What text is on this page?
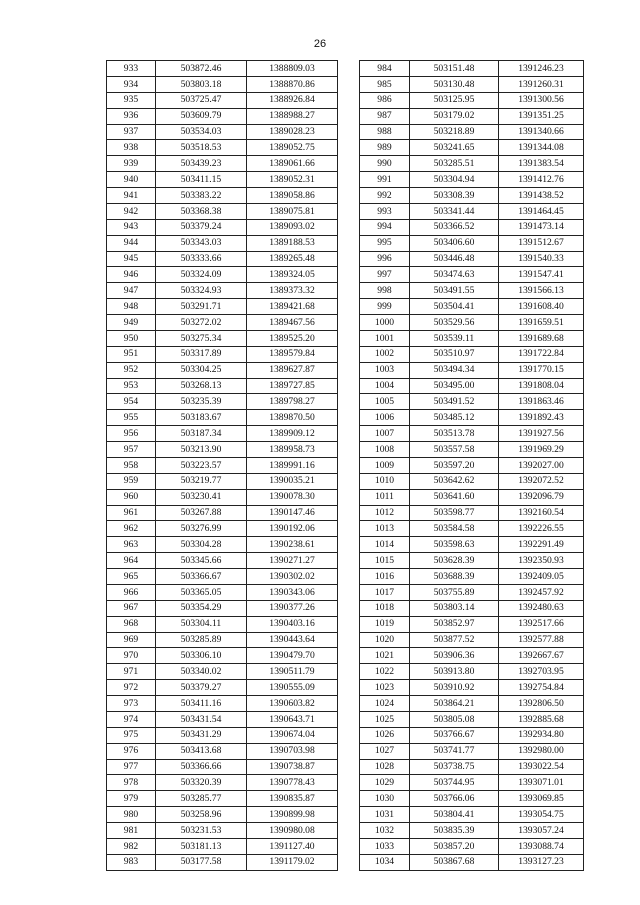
26
933	503872.46	1388809.03
934	503803.18	1388870.86
935	503725.47	1388926.84
936	503609.79	1388988.27
937	503534.03	1389028.23
938	503518.53	1389052.75
939	503439.23	1389061.66
940	503411.15	1389052.31
941	503383.22	1389058.86
942	503368.38	1389075.81
943	503379.24	1389093.02
944	503343.03	1389188.53
945	503333.66	1389265.48
946	503324.09	1389324.05
947	503324.93	1389373.32
948	503291.71	1389421.68
949	503272.02	1389467.56
950	503275.34	1389525.20
951	503317.89	1389579.84
952	503304.25	1389627.87
953	503268.13	1389727.85
954	503235.39	1389798.27
955	503183.67	1389870.50
956	503187.34	1389909.12
957	503213.90	1389958.73
958	503223.57	1389991.16
959	503219.77	1390035.21
960	503230.41	1390078.30
961	503267.88	1390147.46
962	503276.99	1390192.06
963	503304.28	1390238.61
964	503345.66	1390271.27
965	503366.67	1390302.02
966	503365.05	1390343.06
967	503354.29	1390377.26
968	503304.11	1390403.16
969	503285.89	1390443.64
970	503306.10	1390479.70
971	503340.02	1390511.79
972	503379.27	1390555.09
973	503411.16	1390603.82
974	503431.54	1390643.71
975	503431.29	1390674.04
976	503413.68	1390703.98
977	503366.66	1390738.87
978	503320.39	1390778.43
979	503285.77	1390835.87
980	503258.96	1390899.98
981	503231.53	1390980.08
982	503181.13	1391127.40
983	503177.58	1391179.02
984	503151.48	1391246.23
985	503130.48	1391260.31
986	503125.95	1391300.56
987	503179.02	1391351.25
988	503218.89	1391340.66
989	503241.65	1391344.08
990	503285.51	1391383.54
991	503304.94	1391412.76
992	503308.39	1391438.52
993	503341.44	1391464.45
994	503366.52	1391473.14
995	503406.60	1391512.67
996	503446.48	1391540.33
997	503474.63	1391547.41
998	503491.55	1391566.13
999	503504.41	1391608.40
1000	503529.56	1391659.51
1001	503539.11	1391689.68
1002	503510.97	1391722.84
1003	503494.34	1391770.15
1004	503495.00	1391808.04
1005	503491.52	1391863.46
1006	503485.12	1391892.43
1007	503513.78	1391927.56
1008	503557.58	1391969.29
1009	503597.20	1392027.00
1010	503642.62	1392072.52
1011	503641.60	1392096.79
1012	503598.77	1392160.54
1013	503584.58	1392226.55
1014	503598.63	1392291.49
1015	503628.39	1392350.93
1016	503688.39	1392409.05
1017	503755.89	1392457.92
1018	503803.14	1392480.63
1019	503852.97	1392517.66
1020	503877.52	1392577.88
1021	503906.36	1392667.67
1022	503913.80	1392703.95
1023	503910.92	1392754.84
1024	503864.21	1392806.50
1025	503805.08	1392885.68
1026	503766.67	1392934.80
1027	503741.77	1392980.00
1028	503738.75	1393022.54
1029	503744.95	1393071.01
1030	503766.06	1393069.85
1031	503804.41	1393054.75
1032	503835.39	1393057.24
1033	503857.20	1393088.74
1034	503867.68	1393127.23
